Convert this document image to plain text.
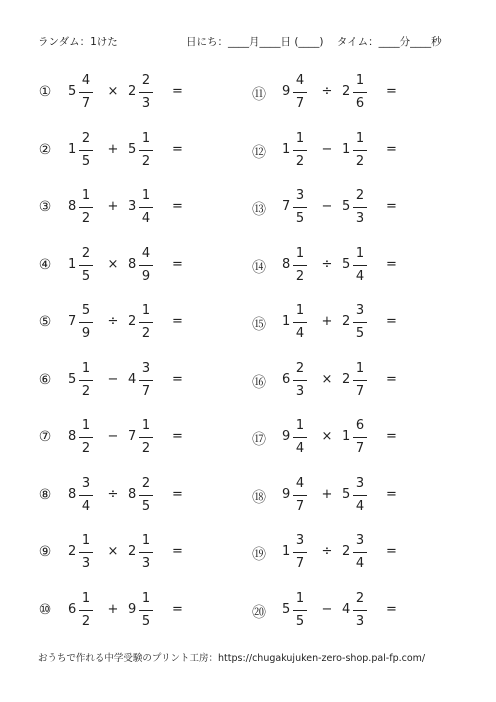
ランダム：1けた	日にち：____月____日 (____)    タイム：____分____秒
① 5
4
7
× 2
2
3
=
② 1
2
5
+ 5
1
2
=
③ 8
1
2
+ 3
1
4
=
④ 1
2
5
× 8
4
9
=
⑤ 7
5
9
÷ 2
1
2
=
⑥ 5
1
2
− 4
3
7
=
⑦ 8
1
2
− 7
1
2
=
⑧ 8
3
4
÷ 8
2
5
=
⑨ 2
1
3
× 2
1
3
=
⑩ 6
1
2
+ 9
1
5
=
⑪ 9
4
7
÷ 2
1
6
=
⑫ 1
1
2
− 1
1
2
=
⑬ 7
3
5
− 5
2
3
=
⑭ 8
1
2
÷ 5
1
4
=
⑮ 1
1
4
+ 2
3
5
=
⑯ 6
2
3
× 2
1
7
=
⑰ 9
1
4
× 1
6
7
=
⑱ 9
4
7
+ 5
3
4
=
⑲ 1
3
7
÷ 2
3
4
=
⑳ 5
1
5
− 4
2
3
=
おうちで作れる中学受験のプリント工房：https://chugakujuken-zero-shop.pal-fp.com/
